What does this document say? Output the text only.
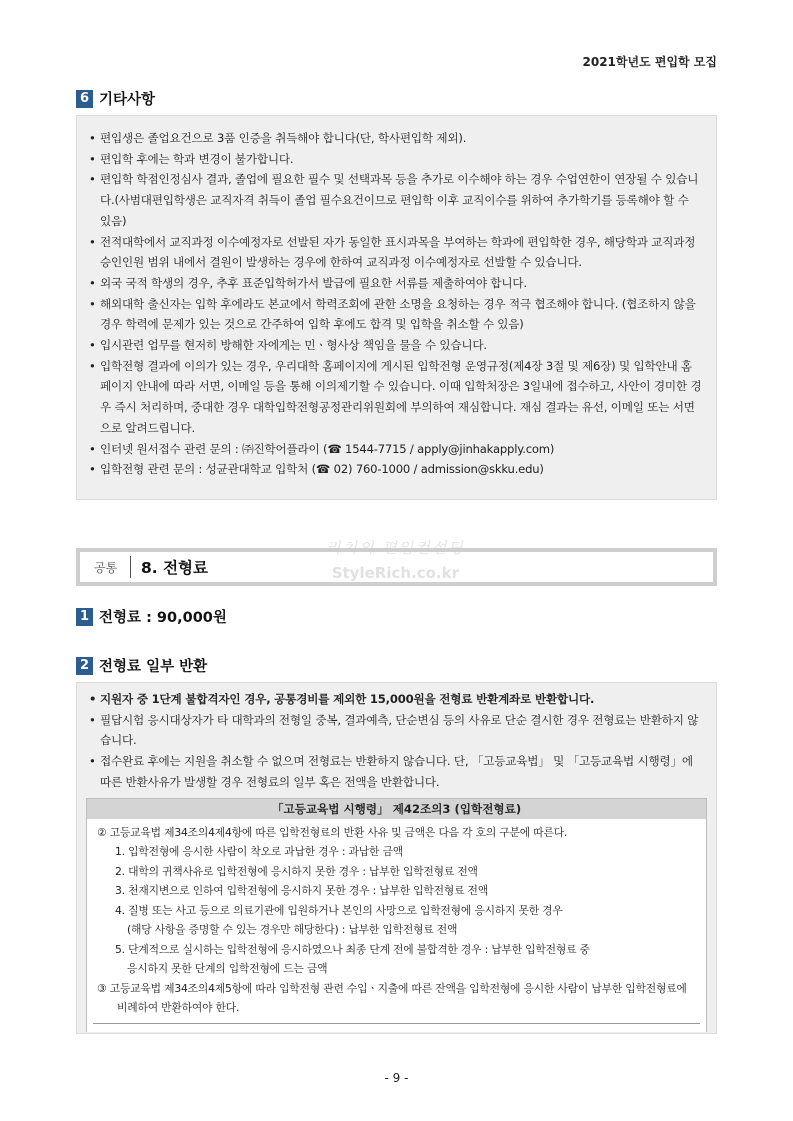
2021학년도 편입학 모집
6 기타사항
• 편입생은 졸업요건으로 3품 인증을 취득해야 합니다(단, 학사편입학 제외).
• 편입학 후에는 학과 변경이 불가합니다.
• 편입학 학점인정심사 결과, 졸업에 필요한 필수 및 선택과목 등을 추가로 이수해야 하는 경우 수업연한이 연장될 수 있습니다.(사범대편입학생은 교직자격 취득이 졸업 필수요건이므로 편입학 이후 교직이수를 위하여 추가학기를 등록해야 할 수 있음)
• 전적대학에서 교직과정 이수예정자로 선발된 자가 동일한 표시과목을 부여하는 학과에 편입학한 경우, 해당학과 교직과정 승인인원 범위 내에서 결원이 발생하는 경우에 한하여 교직과정 이수예정자로 선발할 수 있습니다.
• 외국 국적 학생의 경우, 추후 표준입학허가서 발급에 필요한 서류를 제출하여야 합니다.
• 해외대학 출신자는 입학 후에라도 본교에서 학력조회에 관한 소명을 요청하는 경우 적극 협조해야 합니다. (협조하지 않을 경우 학력에 문제가 있는 것으로 간주하여 입학 후에도 합격 및 입학을 취소할 수 있음)
• 입시관련 업무를 현저히 방해한 자에게는 민ㆍ형사상 책임을 물을 수 있습니다.
• 입학전형 결과에 이의가 있는 경우, 우리대학 홈페이지에 게시된 입학전형 운영규정(제4장 3절 및 제6장) 및 입학안내 홈페이지 안내에 따라 서면, 이메일 등을 통해 이의제기할 수 있습니다. 이때 입학처장은 3일내에 접수하고, 사안이 경미한 경우 즉시 처리하며, 중대한 경우 대학입학전형공정관리위원회에 부의하여 재심합니다. 재심 결과는 유선, 이메일 또는 서면으로 알려드립니다.
• 인터넷 원서접수 관련 문의 : ㈜진학어플라이 (☎ 1544-7715 / apply@jinhakapply.com)
• 입학전형 관련 문의 : 성균관대학교 입학처 (☎ 02) 760-1000 / admission@skku.edu)
공통	8. 전형료
리치의 편입컨설팅
StyleRich.co.kr
1 전형료 : 90,000원
2 전형료 일부 반환
• 지원자 중 1단계 불합격자인 경우, 공통경비를 제외한 15,000원을 전형료 반환계좌로 반환합니다.
• 필답시험 응시대상자가 타 대학과의 전형일 중복, 결과예측, 단순변심 등의 사유로 단순 결시한 경우 전형료는 반환하지 않습니다.
• 접수완료 후에는 지원을 취소할 수 없으며 전형료는 반환하지 않습니다. 단, 「고등교육법」 및 「고등교육법 시행령」에 따른 반환사유가 발생할 경우 전형료의 일부 혹은 전액을 반환합니다.
「고등교육법 시행령」 제42조의3 (입학전형료)
② 고등교육법 제34조의4제4항에 따른 입학전형료의 반환 사유 및 금액은 다음 각 호의 구분에 따른다.
1. 입학전형에 응시한 사람이 착오로 과납한 경우 : 과납한 금액
2. 대학의 귀책사유로 입학전형에 응시하지 못한 경우 : 납부한 입학전형료 전액
3. 천재지변으로 인하여 입학전형에 응시하지 못한 경우 : 납부한 입학전형료 전액
4. 질병 또는 사고 등으로 의료기관에 입원하거나 본인의 사망으로 입학전형에 응시하지 못한 경우
(해당 사항을 증명할 수 있는 경우만 해당한다) : 납부한 입학전형료 전액
5. 단계적으로 실시하는 입학전형에 응시하였으나 최종 단계 전에 불합격한 경우 : 납부한 입학전형료 중
응시하지 못한 단계의 입학전형에 드는 금액
③ 고등교육법 제34조의4제5항에 따라 입학전형 관련 수입ㆍ지출에 따른 잔액을 입학전형에 응시한 사람이 납부한 입학전형료에
비례하여 반환하여야 한다.
- 9 -
